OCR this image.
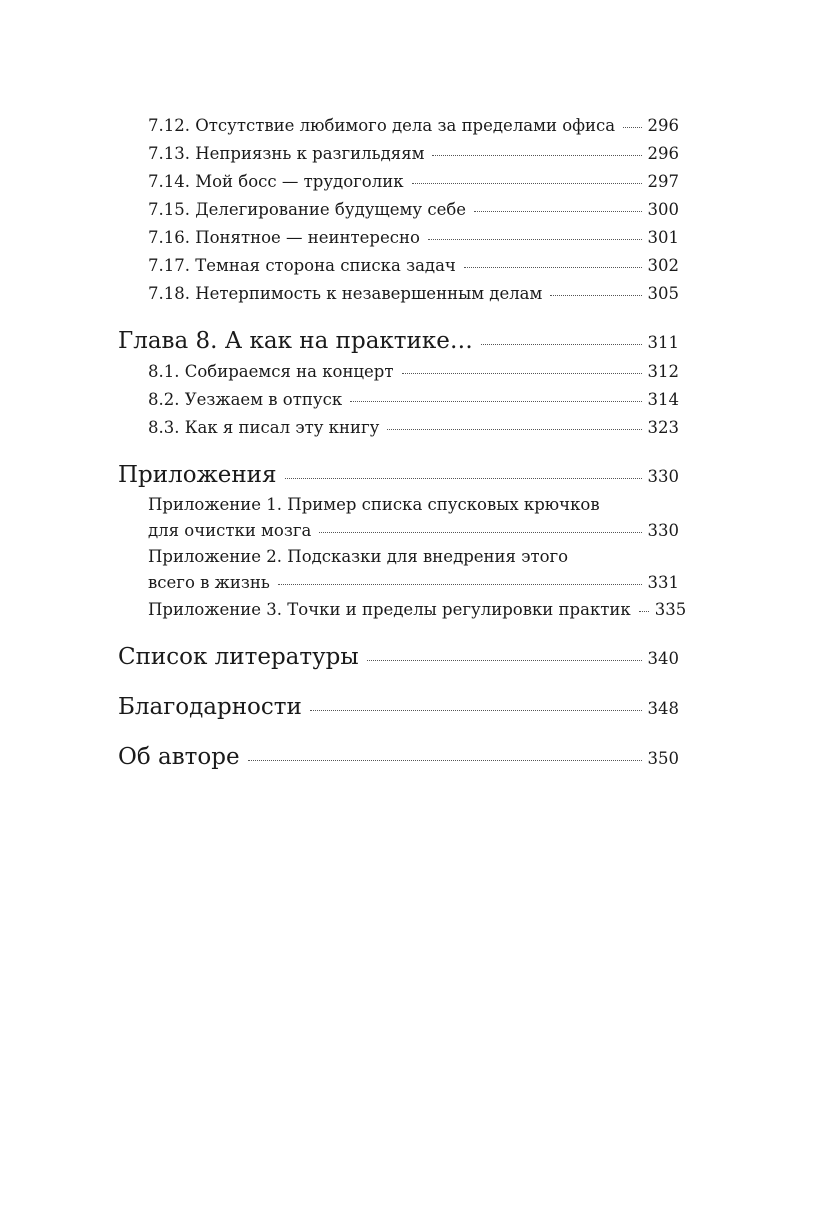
7.12. Отсутствие любимого дела за пределами офиса 296
7.13. Неприязнь к разгильдяям	296
7.14. Мой босс — трудоголик	297
7.15. Делегирование будущему себе	300
7.16. Понятное — неинтересно	301
7.17. Темная сторона списка задач	302
7.18. Нетерпимость к незавершенным делам	305
Глава 8. А как на практике…	311
8.1. Собираемся на концерт	312
8.2. Уезжаем в отпуск	314
8.3. Как я писал эту книгу	323
Приложения	330
Приложение 1. Пример списка спусковых крючков
для очистки мозга	330
Приложение 2. Подсказки для внедрения этого
всего в жизнь	331
Приложение 3. Точки и пределы регулировки практик 335
Список литературы	340
Благодарности	348
Об авторе	350
